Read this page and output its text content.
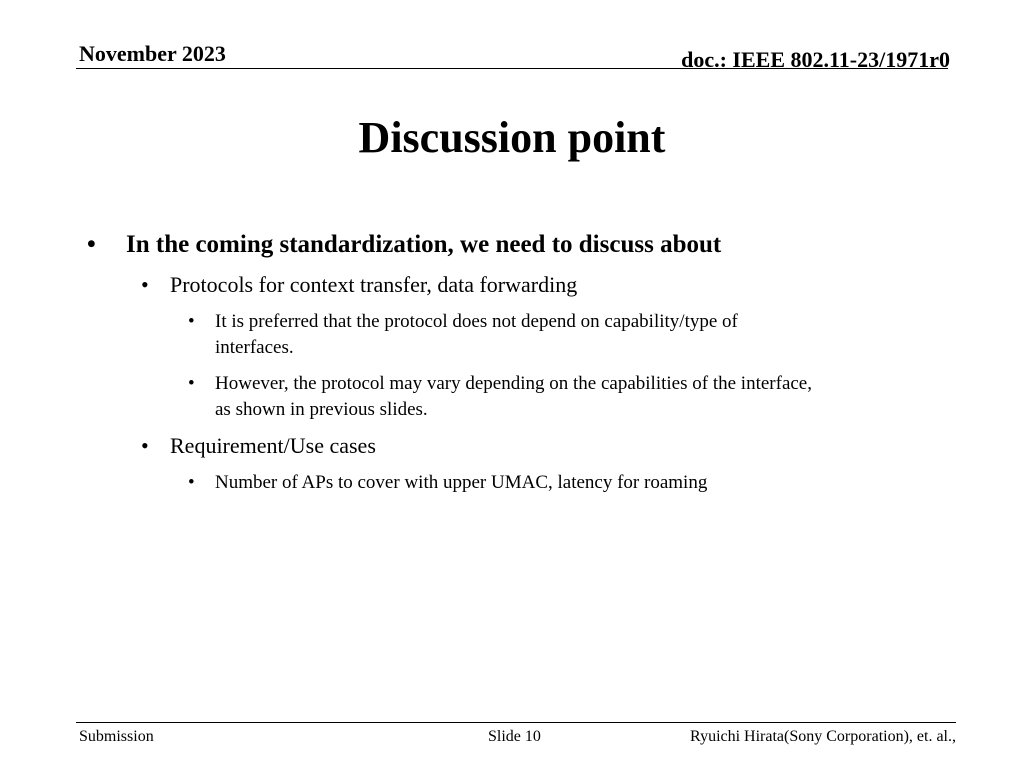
November 2023	doc.: IEEE 802.11-23/1971r0
Discussion point
• In the coming standardization, we need to discuss about
• Protocols for context transfer, data forwarding
• It is preferred that the protocol does not depend on capability/type of
interfaces.
• However, the protocol may vary depending on the capabilities of the interface,
as shown in previous slides.
• Requirement/Use cases
• Number of APs to cover with upper UMAC, latency for roaming
Submission	Slide 10	Ryuichi Hirata(Sony Corporation), et. al.,
